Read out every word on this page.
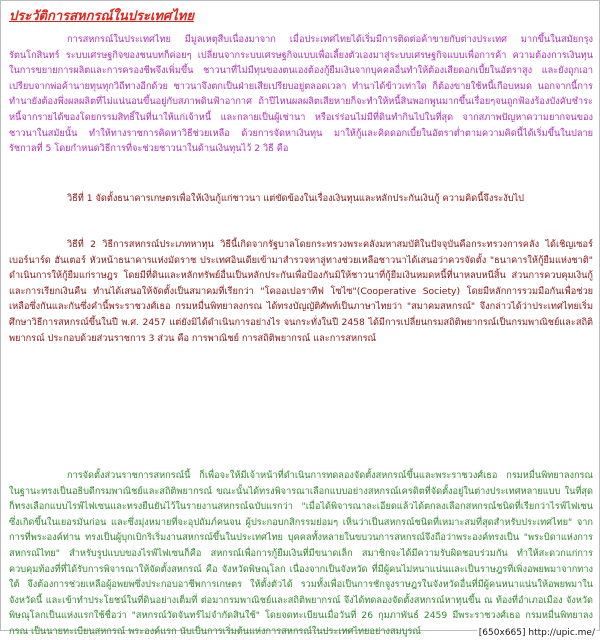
ประวัติการสหกรณ์ในประเทศไทย

การสหกรณ์ในประเทศไทย มีมูลเหตุสืบเนื่องมาจาก เมื่อประเทศไทยได้เริ่มมีการติดต่อค้าขายกับต่างประเทศ มากขึ้นในสมัยกรุงรัตนโกสินทร์ ระบบเศรษฐกิจของชนบทก็ค่อยๆ เปลี่ยนจากระบบเศรษฐกิจแบบเพื่อเลี้ยงตัวเองมาสู่ระบบเศรษฐกิจแบบเพื่อการค้า ความต้องการเงินทุนในการขยายการผลิตและการครองชีพจึงเพิ่มขึ้น ชาวนาที่ไม่มีทุนของตนเองต้องกู้ยืมเงินจากบุคคลอื่นทำให้ต้องเสียดอกเบี้ยในอัตราสูง และยังถูกเอาเปรียบจากพ่อค้านายทุนทุกวิถีทางอีกด้วย ชาวนาจึงตกเป็นฝ่ายเสียเปรียบอยู่ตลอดเวลา ทำนาได้ข้าวเท่าใด ก็ต้องขายใช้หนี้เกือบหมด นอกจากนี้การทำนายังต้องพึ่งผลผลิตที่ไม่แน่นอนขึ้นอยู่กับสภาพดินฟ้าอากาศ ถ้าปีไหนผลผลิตเสียหายก็จะทำให้หนี้สินพอกพูนมากขึ้นเรื่อยๆจนถูกฟ้องร้องบังคับชำระหนี้จากรายได้ของโดยกรรมสิทธิ์ในที่นาให้แก่เจ้าหนี้ และกลายเป็นผู้เช่านา หรือเร่ร่อนไม่มีที่ดินทำกินไปในที่สุด จากสภาพปัญหาความยากจนของชาวนาในสมัยนั้น ทำให้ทางราชการคิดหาวิธีช่วยเหลือ ด้วยการจัดหาเงินทุน มาให้กู้และคิดดอกเบี้ยในอัตราต่ำตามความคิดนี้ได้เริ่มขึ้นในปลายรัชกาลที่ 5 โดยกำหนดวิธีการที่จะช่วยชาวนาในด้านเงินทุนไว้ 2 วิธี คือ

วิธีที่ 1 จัดตั้งธนาคารเกษตรเพื่อให้เงินกู้แก่ชาวนา แต่ขัดข้องในเรื่องเงินทุนและหลักประกันเงินกู้ ความคิดนี้จึงระงับไป

วิธีที่ 2 วิธีการสหกรณ์ประเภทหาทุน วิธีนี้เกิดจากรัฐบาลโดยกระทรวงพระคลังมหาสมบัติในปัจจุบันคือกระทรวงการคลัง ได้เชิญเซอร์เบอร์นาร์ด ฮันเตอร์ หัวหน้าธนาคารแห่งมัดราช ประเทศอินเดียเข้ามาสำรวจหาลู่ทางช่วยเหลือชาวนาได้เสนอว่าควรจัดตั้ง "ธนาคารให้กู้ยืมแห่งชาติ" ดำเนินการให้กู้ยืมแก่ราษฎร โดยมีที่ดินและหลักทรัพย์อื่นเป็นหลักประกันเพื่อป้องกันมิให้ชาวนาที่กู้ยืมเงินหมดหนี้ที่นาหลบหนีสิ้น ส่วนการควบคุมเงินกู้และการเรียกเงินคืน ทำนได้เสนอให้จัดตั้งเป็นสมาคมที่เรียกว่า "โคออเปอราทีฟ โซไซ"(Cooperative Society) โดยมีหลักการรวมมือกันเพื่อช่วยเหลือซึ่งกันและกันซึ่งคำนี้พระราชวงศ์เธอ กรมหมื่นพิทยาลงกรณ ได้ทรงบัญญัติศัพท์เป็นภาษาไทยว่า "สมาคมสหกรณ์" จึงกล่าวได้ว่าประเทศไทยเริ่มศึกษาวิธีการสหกรณ์ขึ้นในปี พ.ศ. 2457 แต่ยังมิได้ดำเนินการอย่างไร จนกระทั่งในปี 2458 ได้มีการเปลี่ยนกรมสถิติพยากรณ์เป็นกรมพาณิชย์และสถิติพยากรณ์ ประกอบด้วยส่วนราชการ 3 ส่วน คือ การพาณิชย์ การสถิติพยากรณ์ และการสหกรณ์

การจัดตั้งส่วนราชการสหกรณ์นี้ ก็เพื่อจะให้มีเจ้าหน้าที่ดำเนินการทดลองจัดตั้งสหกรณ์ขึ้นและพระราชวงศ์เธอ กรมหมื่นพิทยาลงกรณ ในฐานะทรงเป็นอธิบดีกรมพาณิชย์และสถิติพยากรณ์ ขณะนั้นได้ทรงพิจารณาเลือกแบบอย่างสหกรณ์เครดิตที่จัดตั้งอยู่ในต่างประเทศหลายแบบ ในที่สุดก็ทรงเลือกแบบไรฟ์ไฟเซนและทรงยืนยันไว้ในรายงานสหกรณ์ฉบับแรกว่า "เมื่อได้พิจารณาละเอียดแล้วได้ตกลงเลือกสหกรณ์ชนิดที่เรียกว่าไรฟ์ไฟเซน ซึ่งเกิดขึ้นในเยอรมันก่อน และซึ่งมุ่งหมายที่จะอุปถัมภ์คนจน ผู้ประกอบกสิกรรมย่อมๆ เห็นว่าเป็นสหกรณ์ชนิดที่เหมาะสมที่สุดสำหรับประเทศไทย" จากการที่พระองค์ท่าน ทรงเป็นผู้บุกเบิกริเริ่มงานสหกรณ์ขึ้นในประเทศไทย บุคคลทั้งหลายในขบวนการสหกรณ์จึงถือว่าพระองค์ทรงเป็น "พระบิดาแห่งการสหกรณ์ไทย" สำหรับรูปแบบของไรฟ์ไฟเซนก็คือ สหกรณ์เพื่อการกู้ยืมเงินที่มีขนาดเล็ก สมาชิกจะได้มีความรับผิดชอบร่วมกัน ทำให้สะดวกแก่การควบคุมท้องที่ที่ได้รับการพิจารณาให้จัดตั้งสหกรณ์ คือ จังหวัดพิษณุโลก เนื่องจากเป็นจังหวัด ที่มีผู้คนไม่หนาแน่นและเป็นราษฎรที่เพิ่งอพยพมาจากทางใต้ จึงต้องการช่วยเหลือผู้อพยพซึ่งประกอบอาชีพการเกษตร ให้ตั้งตัวได้ รวมทั้งเพื่อเป็นการชักจูงราษฎรในจังหวัดอื่นที่มีผู้คนหนาแน่นให้อพยพมาในจังหวัดนี้ และเข้าทำประโยชน์ในที่ดินอย่างเต็มที่ ต่อมากรมพาณิชย์และสถิติพยากรณ์ จึงได้ทดลองจัดตั้งสหกรณ์หาทุนขึ้น ณ ท้องที่อำเภอเมือง จังหวัดพิษณุโลกเป็นแห่งแรกใช้ชื่อว่า "สหกรณ์วัดจันทร์ไม่จำกัดสินใช้" โดยจดทะเบียนเมื่อวันที่ 26 กุมภาพันธ์ 2459 มีพระราชวงศ์เธอ กรมหมื่นพิทยาลงกรณ เป็นนายทะเบียนสหกรณ์ พระองค์แรก นับเป็นการเริ่มต้นแห่งการสหกรณ์ในประเทศไทยอย่างสมบูรณ์	[650x665] http://upic.me/
